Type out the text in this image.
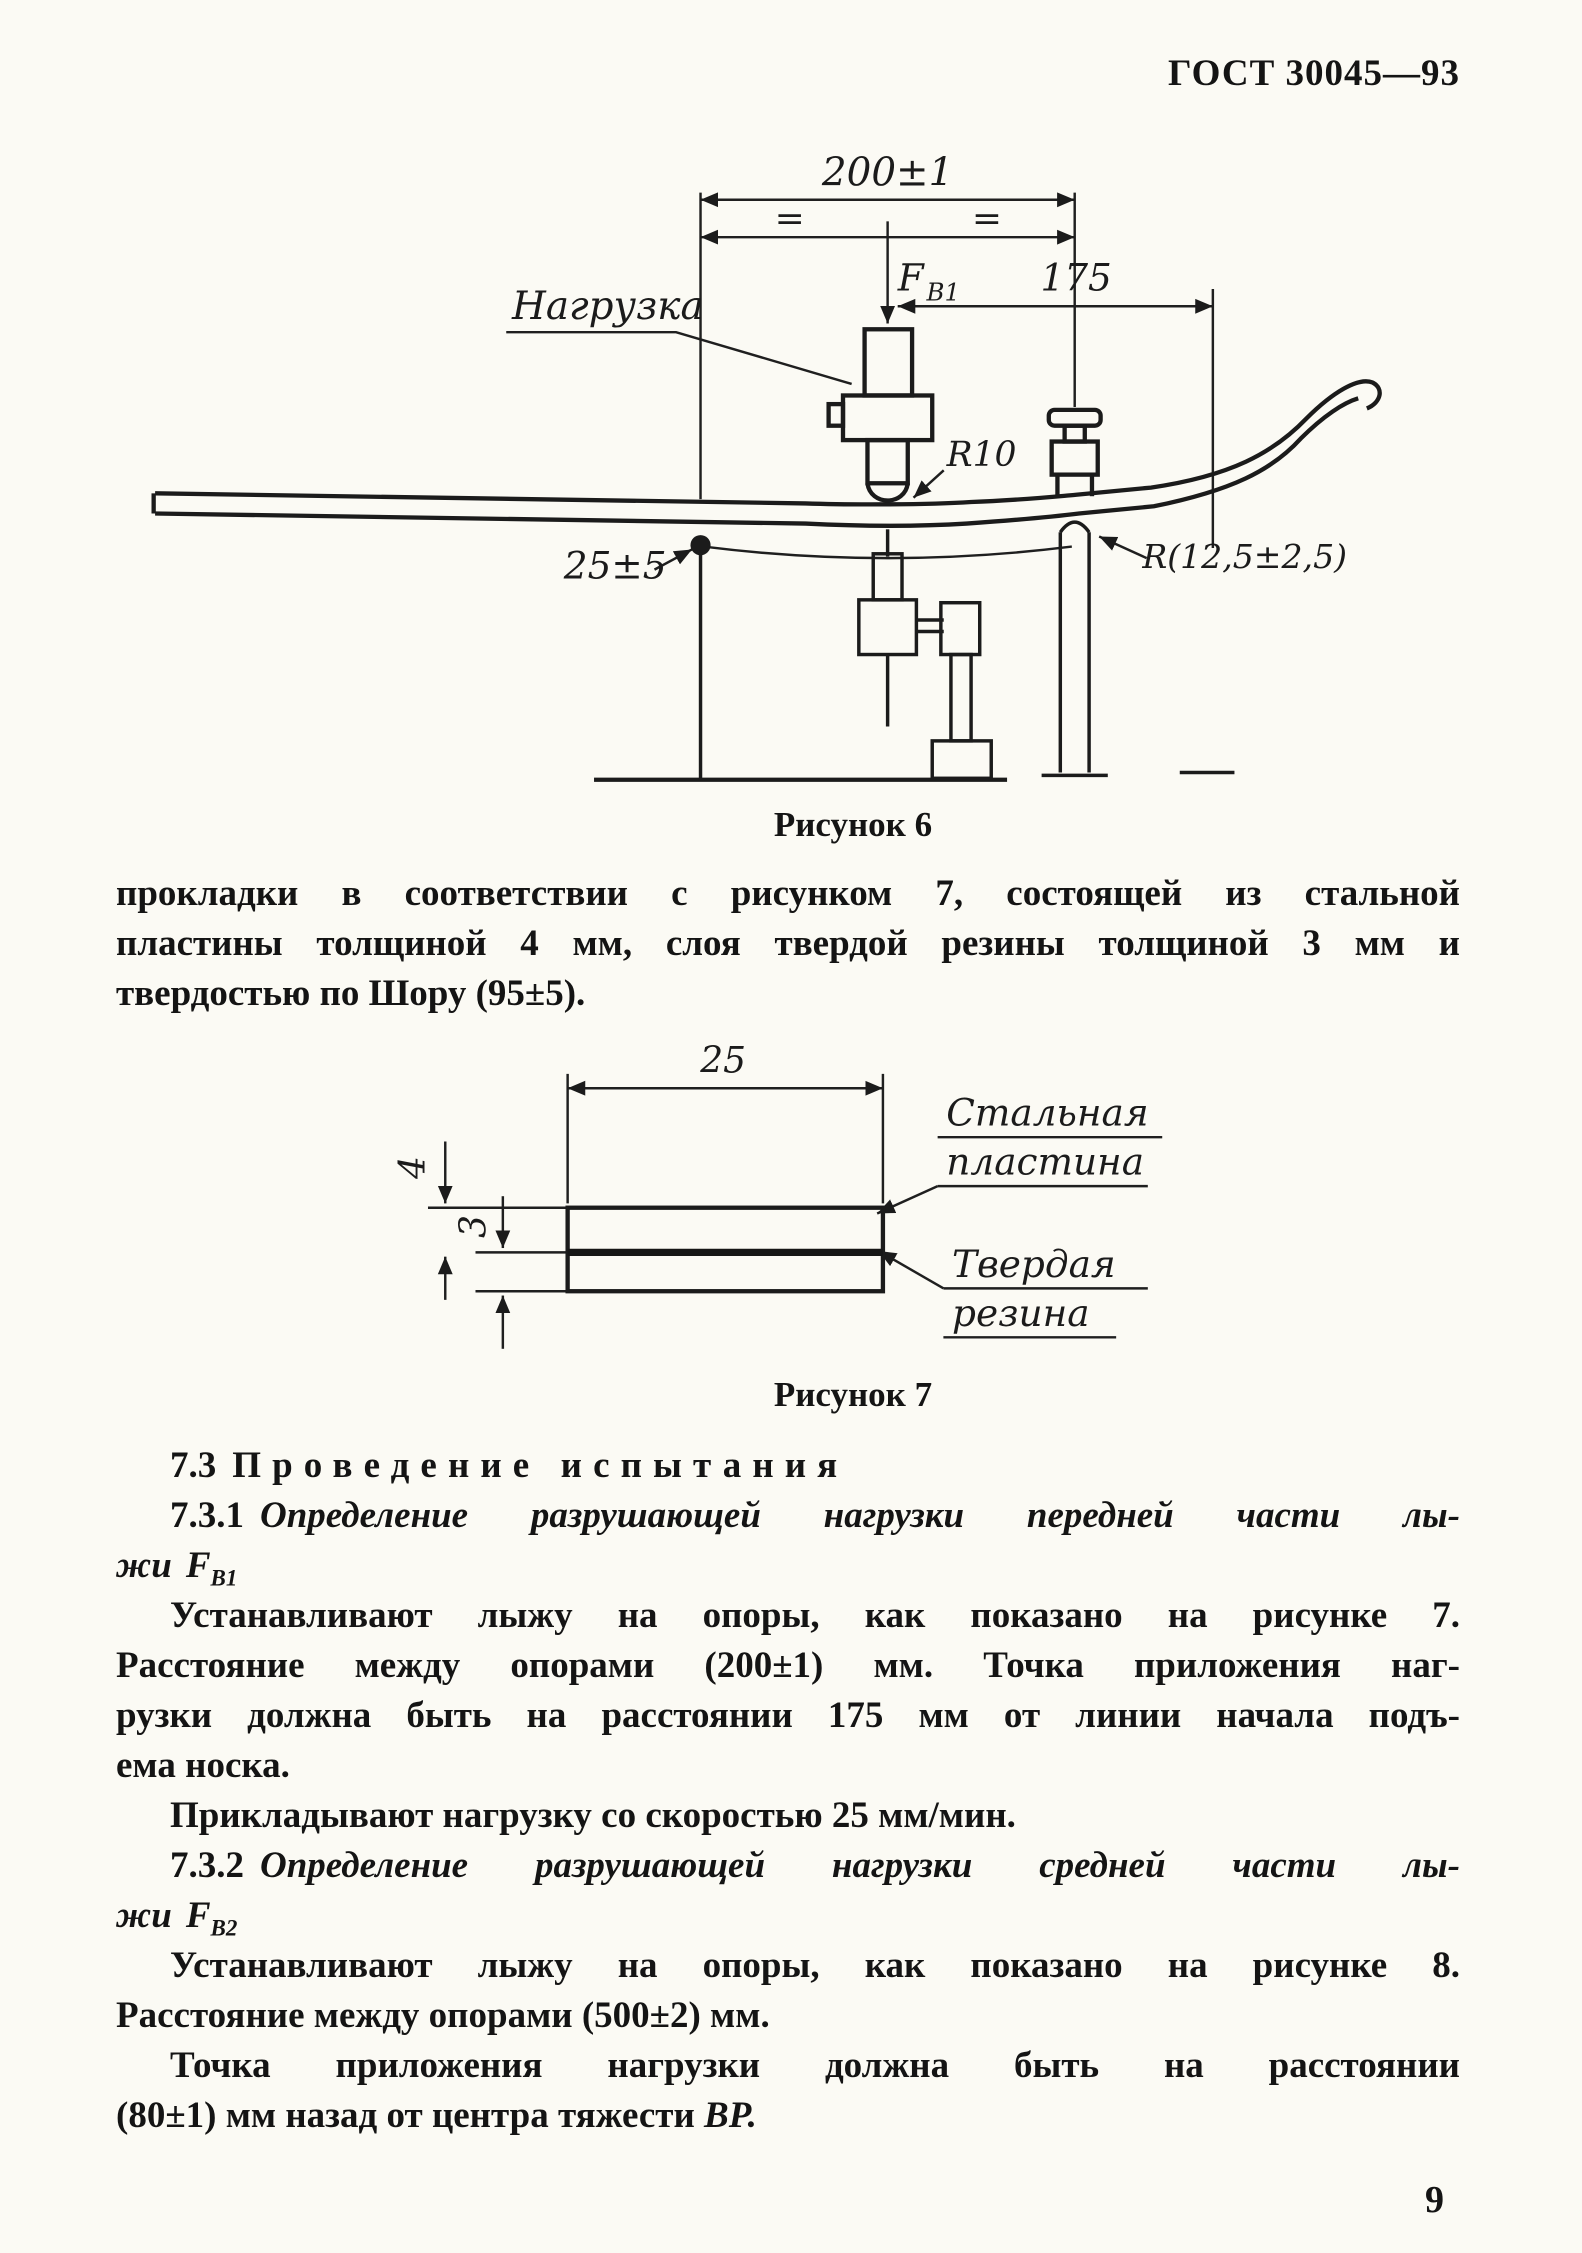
ГОСТ 30045—93
200±1
=	=
F В1	175
Нагрузка
R10
25±5	R(12,5±2,5)
Рисунок 6
прокладки в соответствии с рисунком 7, состоящей из стальной
пластины толщиной 4 мм, слоя твердой резины толщиной 3 мм и
твердостью по Шору (95±5).
25
4
3
Стальная
пластина
Твердая
резина
Рисунок 7
7.3 Проведение испытания
7.3.1 Определение разрушающей нагрузки передней части лы-
жи $F_{В1}$
Устанавливают лыжу на опоры, как показано на рисунке 7.
Расстояние между опорами (200±1) мм. Точка приложения наг-
рузки должна быть на расстоянии 175 мм от линии начала подъ-
ема носка.
Прикладывают нагрузку со скоростью 25 мм/мин.
7.3.2 Определение разрушающей нагрузки средней части лы-
жи $F_{В2}$
Устанавливают лыжу на опоры, как показано на рисунке 8.
Расстояние между опорами (500±2) мм.
Точка приложения нагрузки должна быть на расстоянии
(80±1) мм назад от центра тяжести ВР.
9
